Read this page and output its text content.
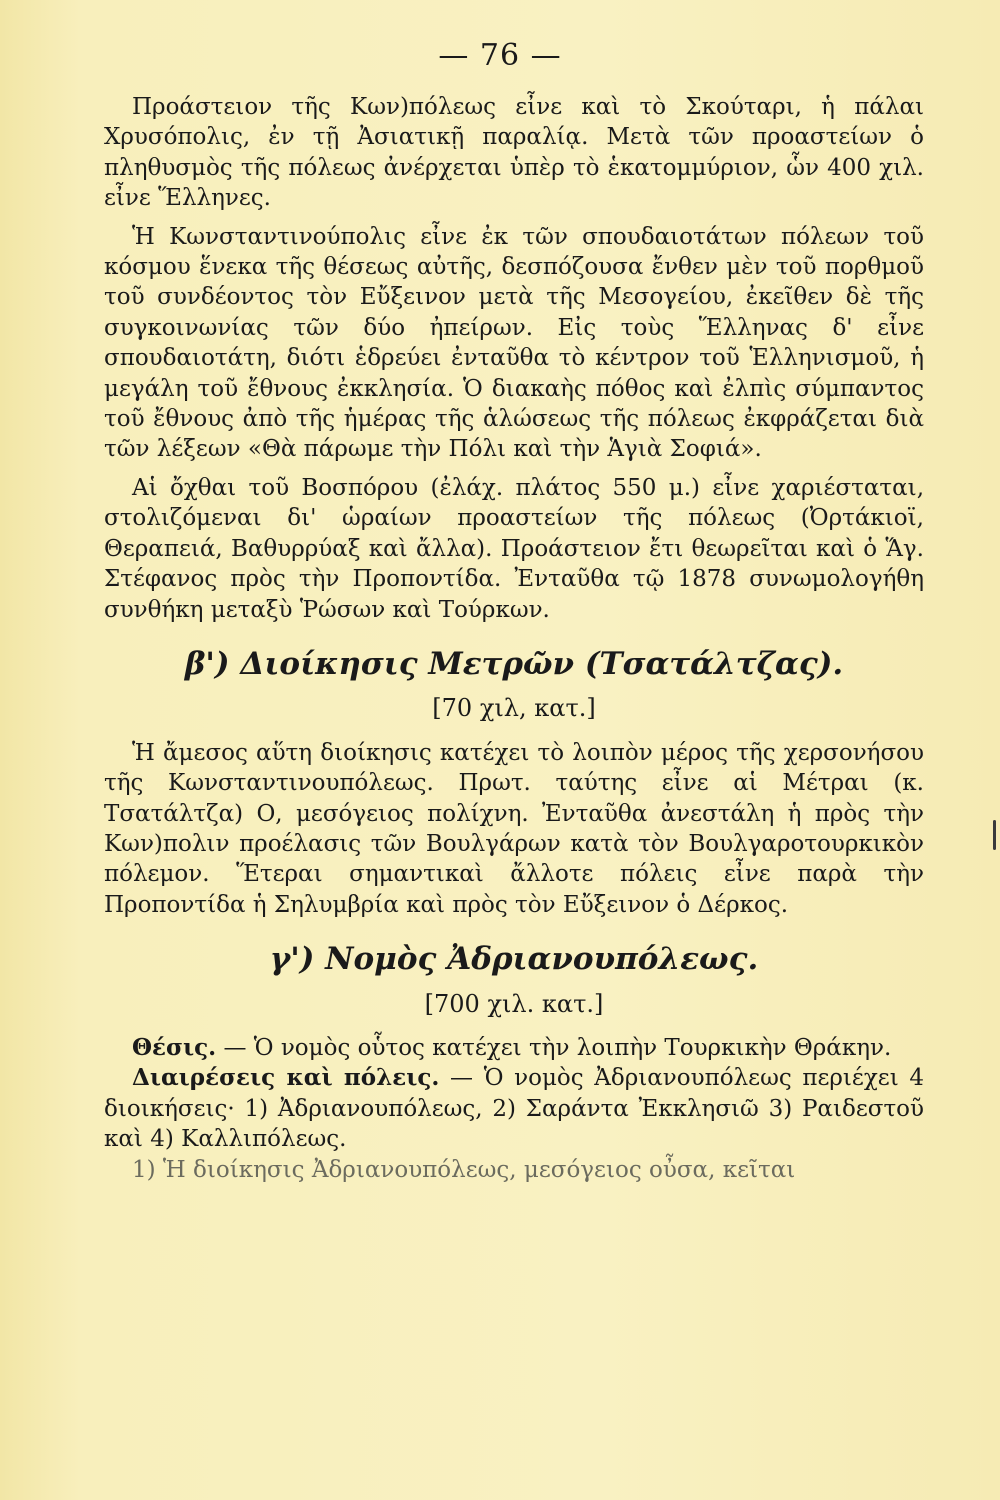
— 76 —

Προάστειον τῆς Κων)πόλεως εἶνε καὶ τὸ Σκούταρι, ἡ πάλαι Χρυσόπολις, ἐν τῇ Ἀσιατικῇ παραλίᾳ. Μετὰ τῶν προαστείων ὁ πληθυσμὸς τῆς πόλεως ἀνέρχεται ὑπὲρ τὸ ἑκατομμύριον, ὧν 400 χιλ. εἶνε Ἕλληνες.

Ἡ Κωνσταντινούπολις εἶνε ἐκ τῶν σπουδαιοτάτων πόλεων τοῦ κόσμου ἕνεκα τῆς θέσεως αὐτῆς, δεσπόζουσα ἔνθεν μὲν τοῦ πορθμοῦ τοῦ συνδέοντος τὸν Εὔξεινον μετὰ τῆς Μεσογείου, ἐκεῖθεν δὲ τῆς συγκοινωνίας τῶν δύο ἠπείρων. Εἰς τοὺς Ἕλληνας δ' εἶνε σπουδαιοτάτη, διότι ἑδρεύει ἐνταῦθα τὸ κέντρον τοῦ Ἑλληνισμοῦ, ἡ μεγάλη τοῦ ἔθνους ἐκκλησία. Ὁ διακαὴς πόθος καὶ ἐλπὶς σύμπαντος τοῦ ἔθνους ἀπὸ τῆς ἡμέρας τῆς ἁλώσεως τῆς πόλεως ἐκφράζεται διὰ τῶν λέξεων «Θὰ πάρωμε τὴν Πόλι καὶ τὴν Ἁγιὰ Σοφιά».

Αἱ ὄχθαι τοῦ Βοσπόρου (ἐλάχ. πλάτος 550 μ.) εἶνε χαριέσταται, στολιζόμεναι δι' ὡραίων προαστείων τῆς πόλεως (Ὀρτάκιοϊ, Θεραπειά, Βαθυρρύαξ καὶ ἄλλα). Προάστειον ἔτι θεωρεῖται καὶ ὁ Ἅγ. Στέφανος πρὸς τὴν Προποντίδα. Ἐνταῦθα τῷ 1878 συνωμολογήθη συνθήκη μεταξὺ Ῥώσων καὶ Τούρκων.

β') Διοίκησις Μετρῶν (Τσατάλτζας).
[70 χιλ, κατ.]

Ἡ ἄμεσος αὕτη διοίκησις κατέχει τὸ λοιπὸν μέρος τῆς χερσονήσου τῆς Κωνσταντινουπόλεως. Πρωτ. ταύτης εἶνε αἱ Μέτραι (κ. Τσατάλτζα) Ο, μεσόγειος πολίχνη. Ἐνταῦθα ἀνεστάλη ἡ πρὸς τὴν Κων)πολιν προέλασις τῶν Βουλγάρων κατὰ τὸν Βουλγαροτουρκικὸν πόλεμον. Ἕτεραι σημαντικαὶ ἄλλοτε πόλεις εἶνε παρὰ τὴν Προποντίδα ἡ Σηλυμβρία καὶ πρὸς τὸν Εὔξεινον ὁ Δέρκος.

γ') Νομὸς Ἀδριανουπόλεως.
[700 χιλ. κατ.]

Θέσις. — Ὁ νομὸς οὗτος κατέχει τὴν λοιπὴν Τουρκικὴν Θράκην.

Διαιρέσεις καὶ πόλεις. — Ὁ νομὸς Ἀδριανουπόλεως περιέχει 4 διοικήσεις· 1) Ἀδριανουπόλεως, 2) Σαράντα Ἐκκλησιῶ 3) Ραιδεστοῦ καὶ 4) Καλλιπόλεως.

1) Ἡ διοίκησις Ἀδριανουπόλεως, μεσόγειος οὖσα, κεῖται
